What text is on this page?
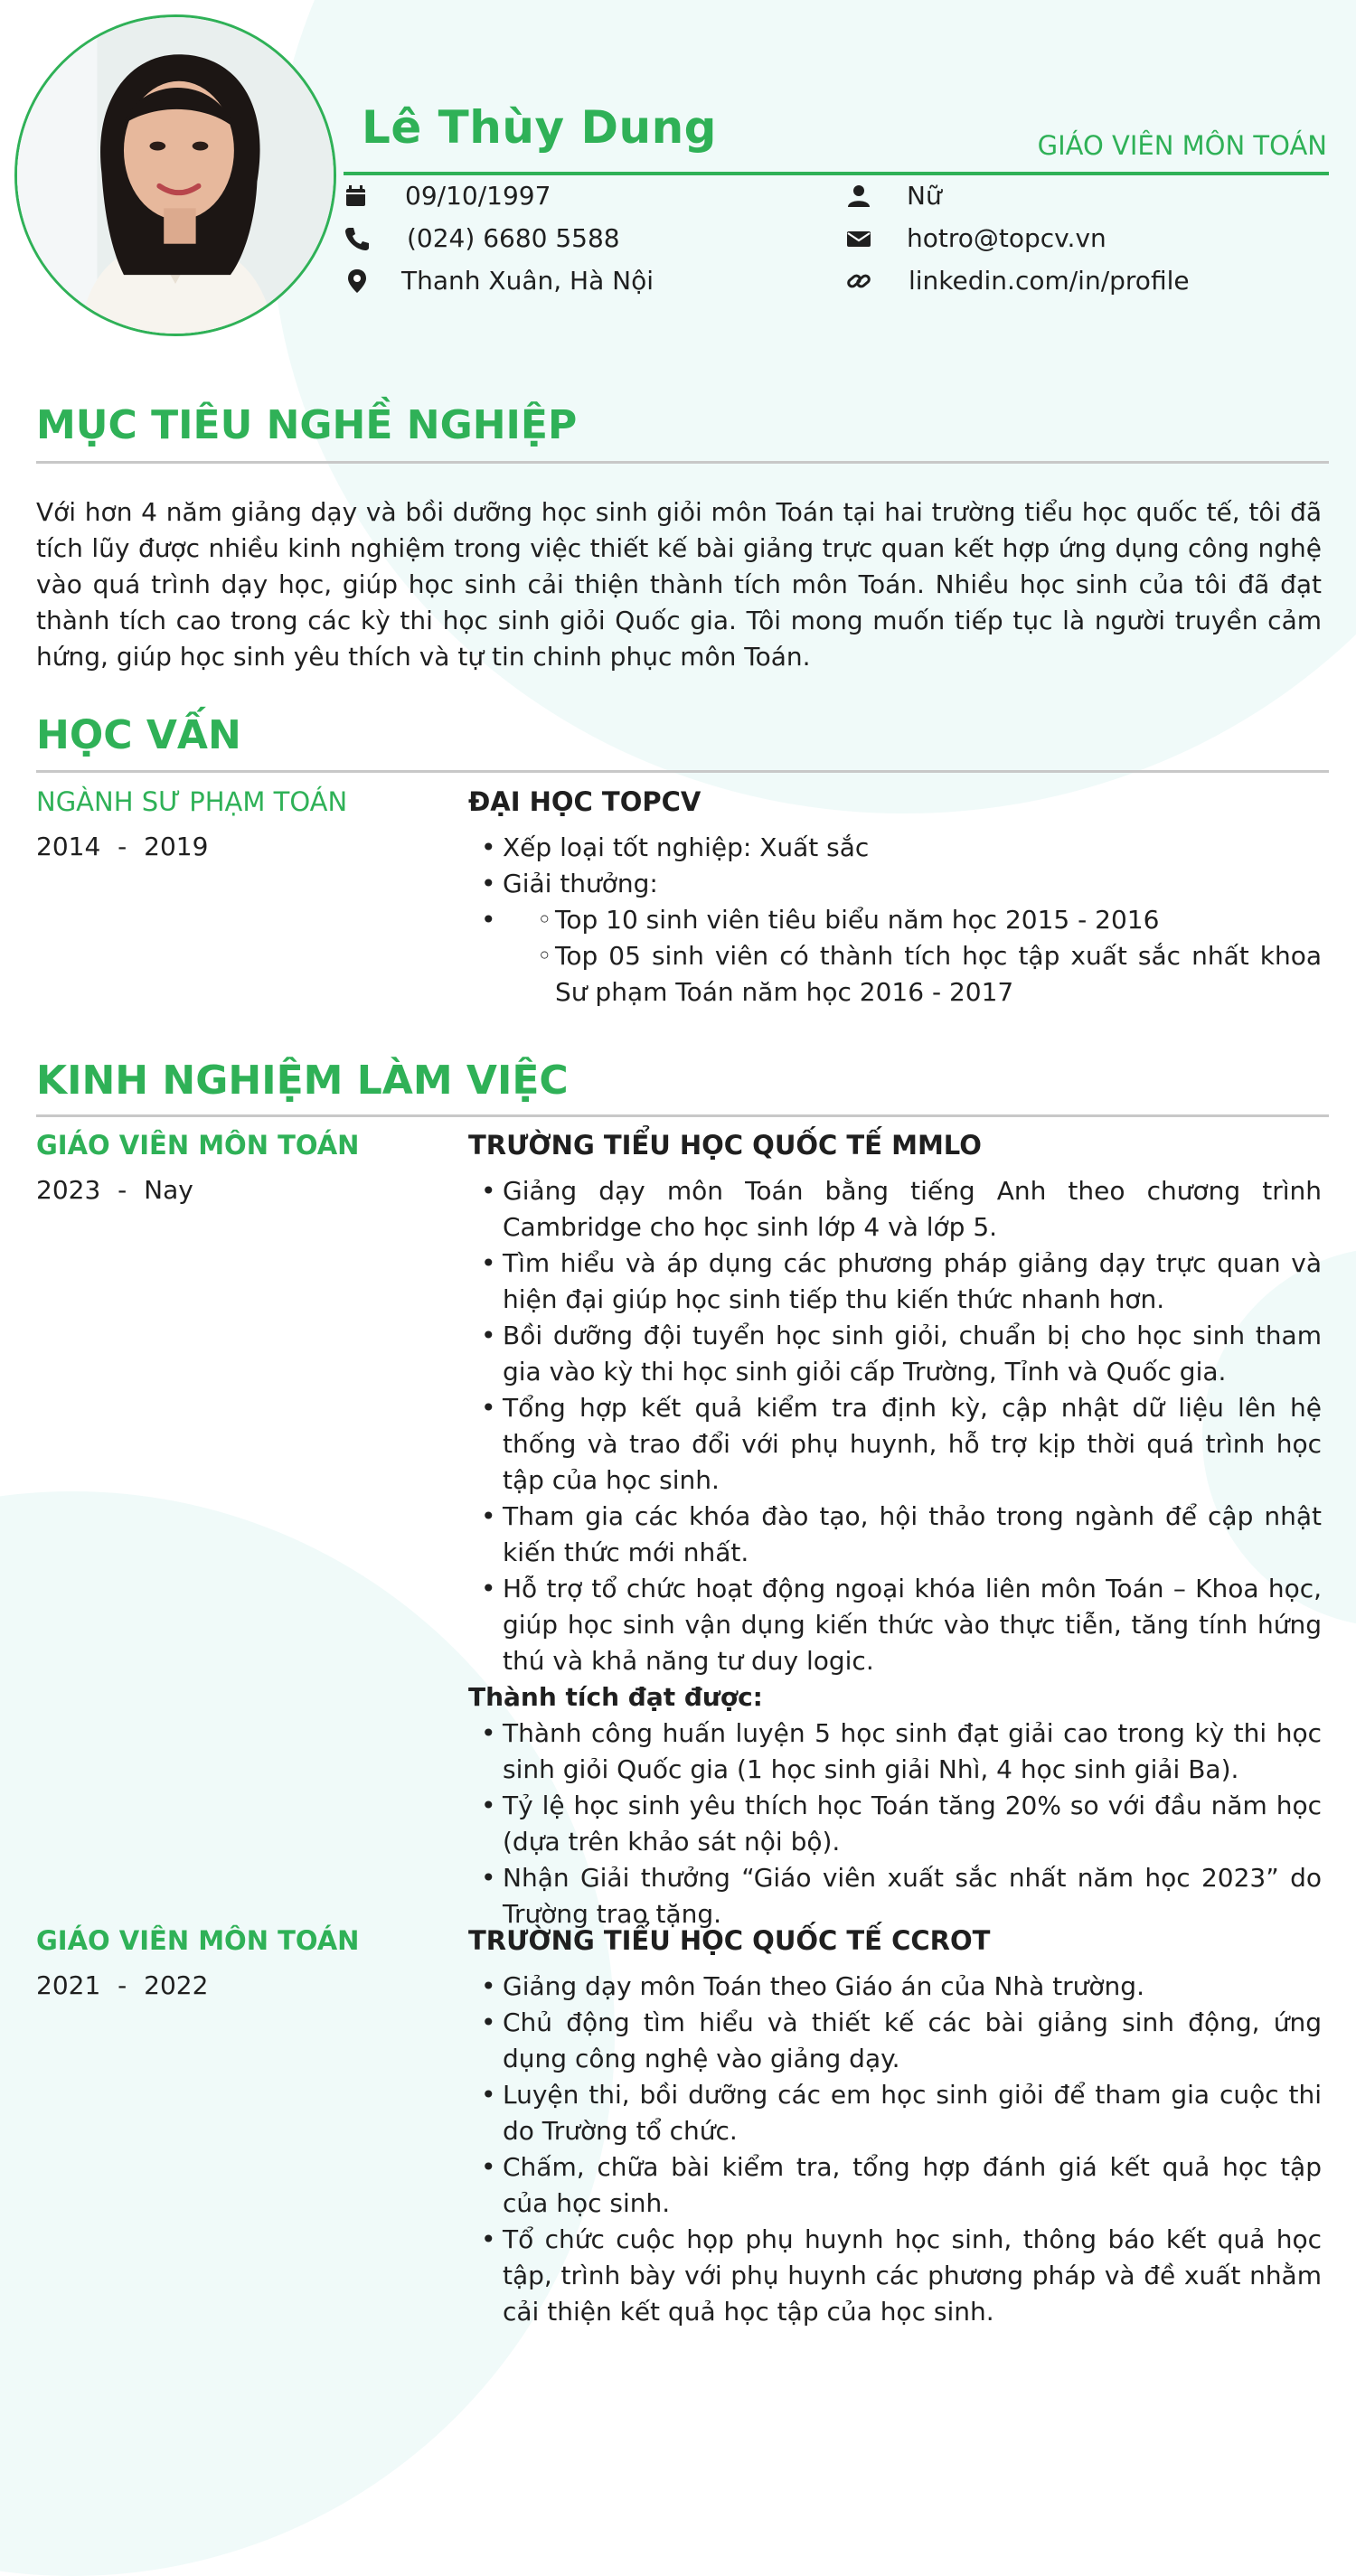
Lê Thùy Dung	GIÁO VIÊN MÔN TOÁN
09/10/1997	Nữ
(024) 6680 5588	hotro@topcv.vn
Thanh Xuân, Hà Nội	linkedin.com/in/profile
MỤC TIÊU NGHỀ NGHIỆP

Với hơn 4 năm giảng dạy và bồi dưỡng học sinh giỏi môn Toán tại hai trường tiểu học quốc tế, tôi đã tích lũy được nhiều kinh nghiệm trong việc thiết kế bài giảng trực quan kết hợp ứng dụng công nghệ vào quá trình dạy học, giúp học sinh cải thiện thành tích môn Toán. Nhiều học sinh của tôi đã đạt thành tích cao trong các kỳ thi học sinh giỏi Quốc gia. Tôi mong muốn tiếp tục là người truyền cảm hứng, giúp học sinh yêu thích và tự tin chinh phục môn Toán.

HỌC VẤN
NGÀNH SƯ PHẠM TOÁN
2014 - 2019
ĐẠI HỌC TOPCV
• Xếp loại tốt nghiệp: Xuất sắc
• Giải thưởng:
◦ • Top 10 sinh viên tiêu biểu năm học 2015 - 2016
◦ Top 05 sinh viên có thành tích học tập xuất sắc nhất khoa Sư phạm Toán năm học 2016 - 2017
KINH NGHIỆM LÀM VIỆC
GIÁO VIÊN MÔN TOÁN
2023 - Nay
TRƯỜNG TIỂU HỌC QUỐC TẾ MMLO
• Giảng dạy môn Toán bằng tiếng Anh theo chương trình Cambridge cho học sinh lớp 4 và lớp 5.
• Tìm hiểu và áp dụng các phương pháp giảng dạy trực quan và hiện đại giúp học sinh tiếp thu kiến thức nhanh hơn.
• Bồi dưỡng đội tuyển học sinh giỏi, chuẩn bị cho học sinh tham gia vào kỳ thi học sinh giỏi cấp Trường, Tỉnh và Quốc gia.
• Tổng hợp kết quả kiểm tra định kỳ, cập nhật dữ liệu lên hệ thống và trao đổi với phụ huynh, hỗ trợ kịp thời quá trình học tập của học sinh.
• Tham gia các khóa đào tạo, hội thảo trong ngành để cập nhật kiến thức mới nhất.
• Hỗ trợ tổ chức hoạt động ngoại khóa liên môn Toán – Khoa học, giúp học sinh vận dụng kiến thức vào thực tiễn, tăng tính hứng thú và khả năng tư duy logic.
Thành tích đạt được:
• Thành công huấn luyện 5 học sinh đạt giải cao trong kỳ thi học sinh giỏi Quốc gia (1 học sinh giải Nhì, 4 học sinh giải Ba).
• Tỷ lệ học sinh yêu thích học Toán tăng 20% so với đầu năm học (dựa trên khảo sát nội bộ).
• Nhận Giải thưởng “Giáo viên xuất sắc nhất năm học 2023” do Trường trao tặng.
GIÁO VIÊN MÔN TOÁN
2021 - 2022
TRƯỜNG TIỂU HỌC QUỐC TẾ CCROT
• Giảng dạy môn Toán theo Giáo án của Nhà trường.
• Chủ động tìm hiểu và thiết kế các bài giảng sinh động, ứng dụng công nghệ vào giảng dạy.
• Luyện thi, bồi dưỡng các em học sinh giỏi để tham gia cuộc thi do Trường tổ chức.
• Chấm, chữa bài kiểm tra, tổng hợp đánh giá kết quả học tập của học sinh.
• Tổ chức cuộc họp phụ huynh học sinh, thông báo kết quả học tập, trình bày với phụ huynh các phương pháp và đề xuất nhằm cải thiện kết quả học tập của học sinh.
